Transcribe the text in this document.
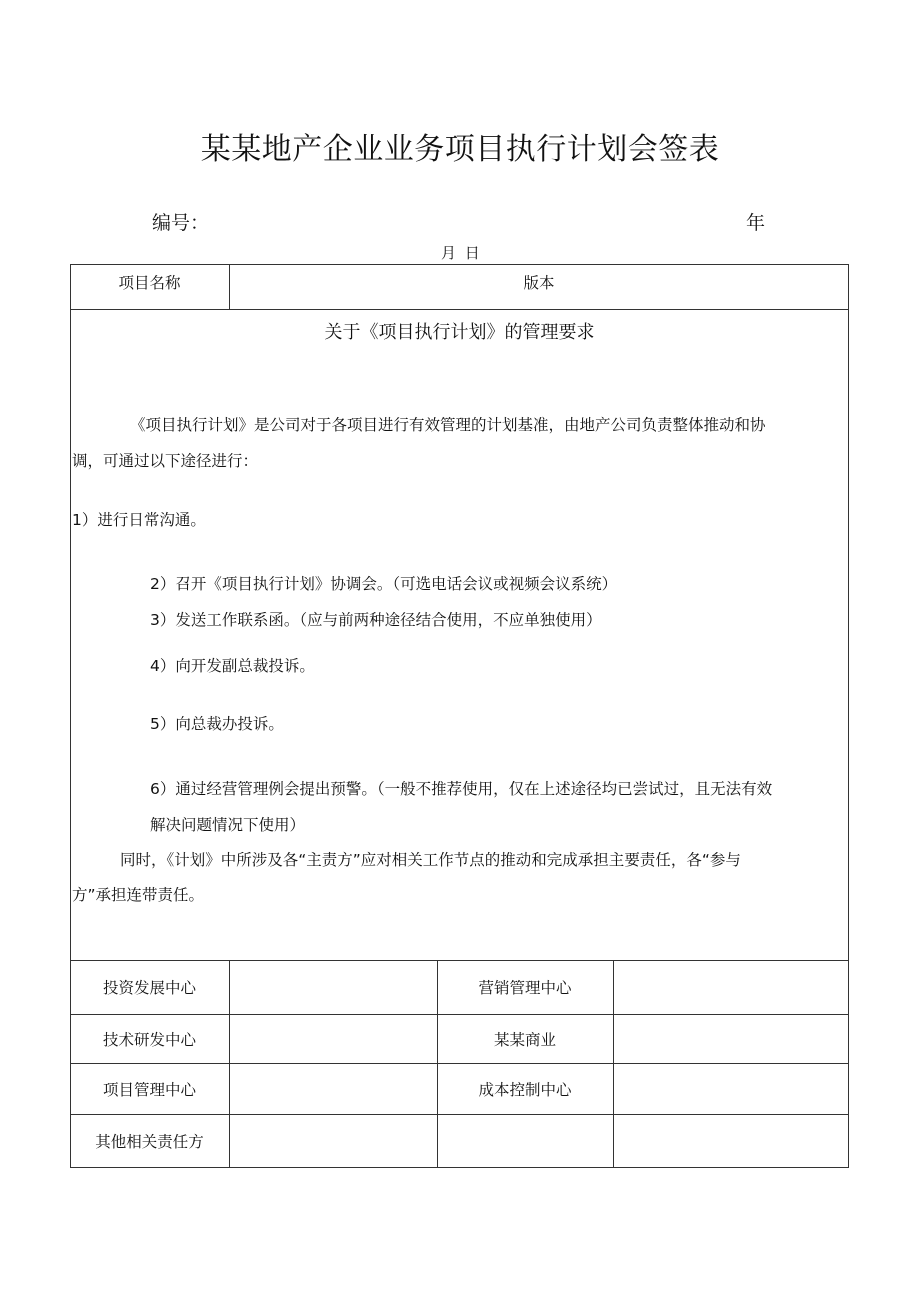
某某地产企业业务项目执行计划会签表
编号：	年
月 日
项目名称	版本
关于《项目执行计划》的管理要求
《项目执行计划》是公司对于各项目进行有效管理的计划基准，由地产公司负责整体推动和协
调，可通过以下途径进行：
1）进行日常沟通。
2）召开《项目执行计划》协调会。（可选电话会议或视频会议系统）
3）发送工作联系函。（应与前两种途径结合使用，不应单独使用）
4）向开发副总裁投诉。
5）向总裁办投诉。
6）通过经营管理例会提出预警。（一般不推荐使用，仅在上述途径均已尝试过，且无法有效
解决问题情况下使用）
同时，《计划》中所涉及各“主责方”应对相关工作节点的推动和完成承担主要责任，各“参与
方”承担连带责任。
投资发展中心	营销管理中心
技术研发中心	某某商业
项目管理中心	成本控制中心
其他相关责任方
